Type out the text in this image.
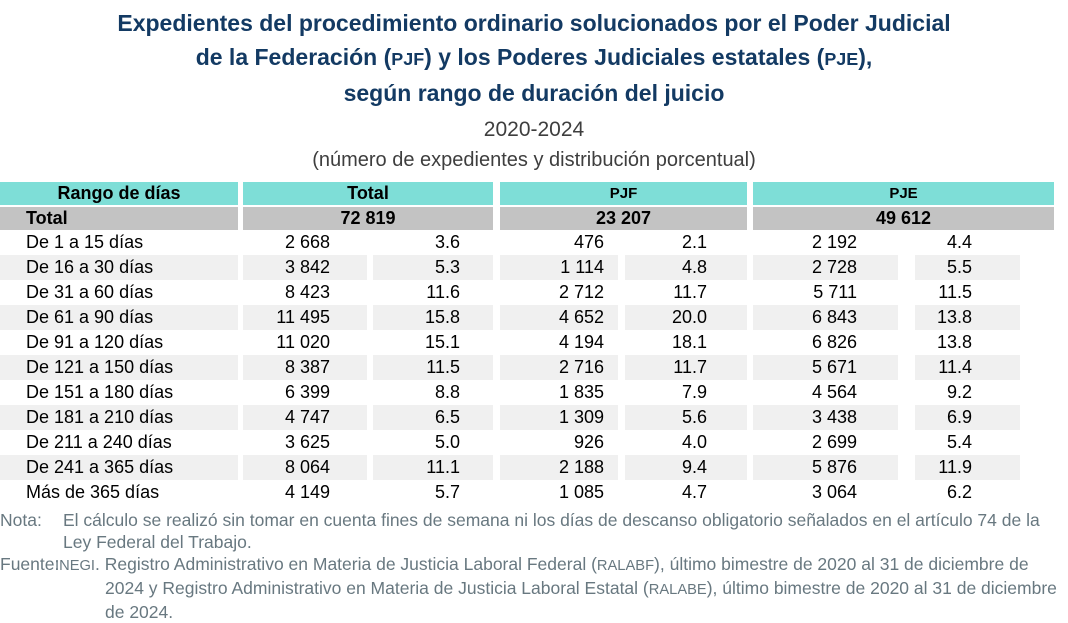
Expedientes del procedimiento ordinario solucionados por el Poder Judicial
de la Federación (PJF) y los Poderes Judiciales estatales (PJE),
según rango de duración del juicio

2020-2024

(número de expedientes y distribución porcentual)

Rango de días	Total	PJF	PJE
Total	72 819	23 207	49 612
De 1 a 15 días	2 668	3.6	476	2.1	2 192	4.4
De 16 a 30 días	3 842	5.3	1 114	4.8	2 728	5.5
De 31 a 60 días	8 423	11.6	2 712	11.7	5 711	11.5
De 61 a 90 días	11 495	15.8	4 652	20.0	6 843	13.8
De 91 a 120 días	11 020	15.1	4 194	18.1	6 826	13.8
De 121 a 150 días	8 387	11.5	2 716	11.7	5 671	11.4
De 151 a 180 días	6 399	8.8	1 835	7.9	4 564	9.2
De 181 a 210 días	4 747	6.5	1 309	5.6	3 438	6.9
De 211 a 240 días	3 625	5.0	926	4.0	2 699	5.4
De 241 a 365 días	8 064	11.1	2 188	9.4	5 876	11.9
Más de 365 días	4 149	5.7	1 085	4.7	3 064	6.2

Nota: El cálculo se realizó sin tomar en cuenta fines de semana ni los días de descanso obligatorio señalados en el artículo 74 de la Ley Federal del Trabajo.

Fuente:INEGI. Registro Administrativo en Materia de Justicia Laboral Federal (RALABF), último bimestre de 2020 al 31 de diciembre de 2024 y Registro Administrativo en Materia de Justicia Laboral Estatal (RALABE), último bimestre de 2020 al 31 de diciembre de 2024.
